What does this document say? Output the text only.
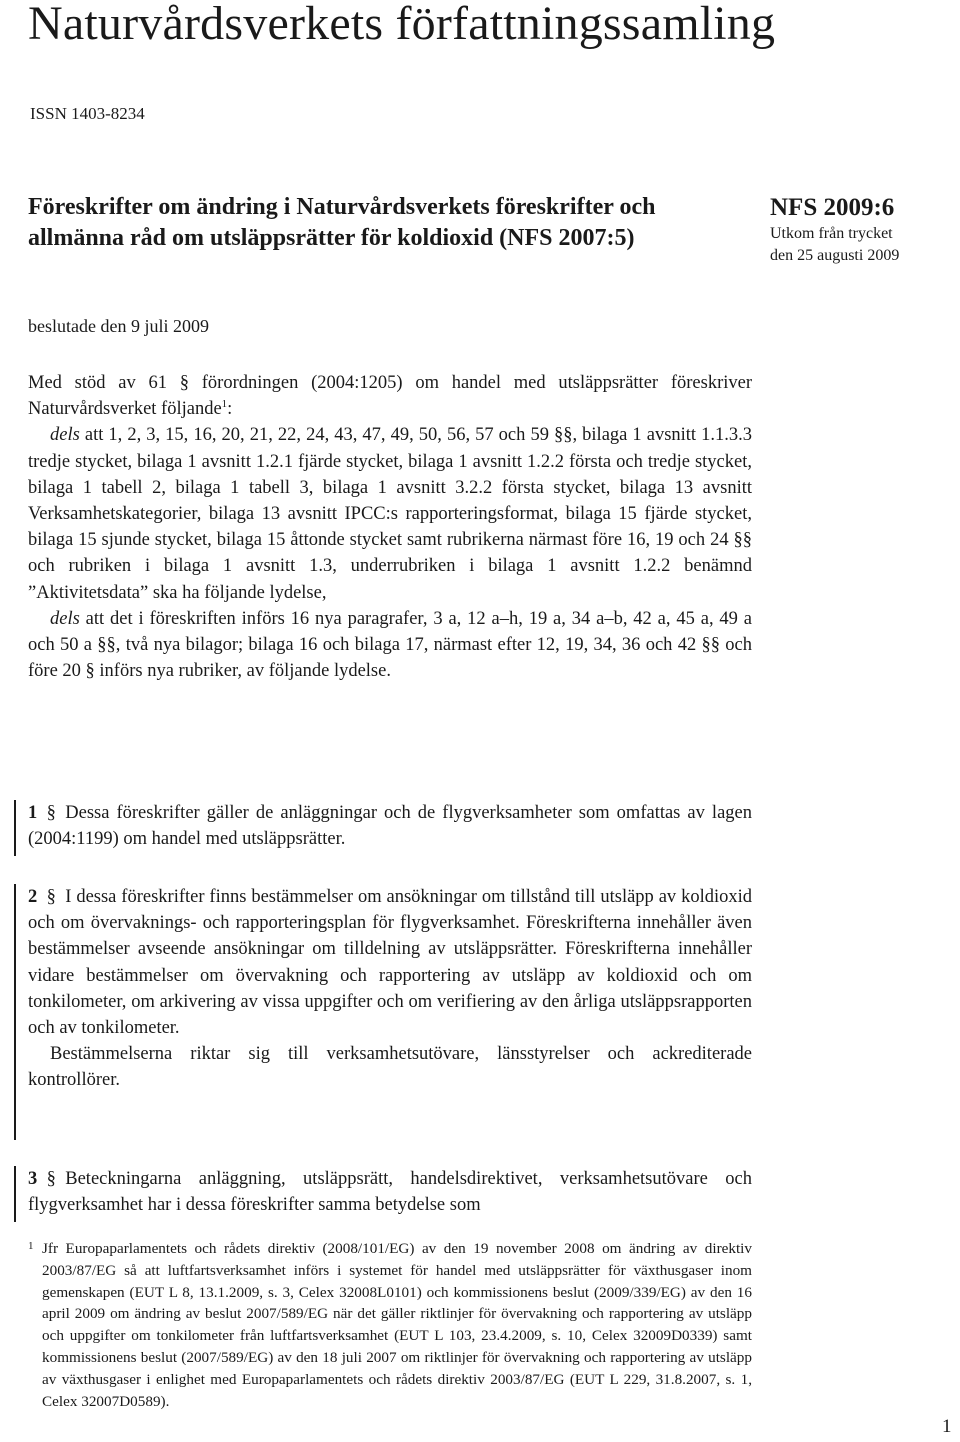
Naturvårdsverkets författningssamling
ISSN 1403-8234
Föreskrifter om ändring i Naturvårdsverkets föreskrifter och allmänna råd om utsläppsrätter för koldioxid (NFS 2007:5)
NFS 2009:6
Utkom från trycket
den 25 augusti 2009
beslutade den 9 juli 2009

Med stöd av 61 § förordningen (2004:1205) om handel med utsläppsrätter föreskriver Naturvårdsverket följande$^1$:

dels att 1, 2, 3, 15, 16, 20, 21, 22, 24, 43, 47, 49, 50, 56, 57 och 59 §§, bilaga 1 avsnitt 1.1.3.3 tredje stycket, bilaga 1 avsnitt 1.2.1 fjärde stycket, bilaga 1 avsnitt 1.2.2 första och tredje stycket, bilaga 1 tabell 2, bilaga 1 tabell 3, bilaga 1 avsnitt 3.2.2 första stycket, bilaga 13 avsnitt Verksamhetskategorier, bilaga 13 avsnitt IPCC:s rapporteringsformat, bilaga 15 fjärde stycket, bilaga 15 sjunde stycket, bilaga 15 åttonde stycket samt rubrikerna närmast före 16, 19 och 24 §§ och rubriken i bilaga 1 avsnitt 1.3, underrubriken i bilaga 1 avsnitt 1.2.2 benämnd ”Aktivitetsdata” ska ha följande lydelse,

dels att det i föreskriften införs 16 nya paragrafer, 3 a, 12 a–h, 19 a, 34 a–b, 42 a, 45 a, 49 a och 50 a §§, två nya bilagor; bilaga 16 och bilaga 17, närmast efter 12, 19, 34, 36 och 42 §§ och före 20 § införs nya rubriker, av följande lydelse.

1 § Dessa föreskrifter gäller de anläggningar och de flygverksamheter som omfattas av lagen (2004:1199) om handel med utsläppsrätter.

2 § I dessa föreskrifter finns bestämmelser om ansökningar om tillstånd till utsläpp av koldioxid och om övervaknings- och rapporteringsplan för flygverksamhet. Föreskrifterna innehåller även bestämmelser avseende ansökningar om tilldelning av utsläppsrätter. Föreskrifterna innehåller vidare bestämmelser om övervakning och rapportering av utsläpp av koldioxid och om tonkilometer, om arkivering av vissa uppgifter och om verifiering av den årliga utsläppsrapporten och av tonkilometer.

Bestämmelserna riktar sig till verksamhetsutövare, länsstyrelser och ackrediterade kontrollörer.

3 § Beteckningarna anläggning, utsläppsrätt, handelsdirektivet, verksamhetsutövare och flygverksamhet har i dessa föreskrifter samma betydelse som

1 Jfr Europaparlamentets och rådets direktiv (2008/101/EG) av den 19 november 2008 om ändring av direktiv 2003/87/EG så att luftfartsverksamhet införs i systemet för handel med utsläppsrätter för växthusgaser inom gemenskapen (EUT L 8, 13.1.2009, s. 3, Celex 32008L0101) och kommissionens beslut (2009/339/EG) av den 16 april 2009 om ändring av beslut 2007/589/EG när det gäller riktlinjer för övervakning och rapportering av utsläpp och uppgifter om tonkilometer från luftfartsverksamhet (EUT L 103, 23.4.2009, s. 10, Celex 32009D0339) samt kommissionens beslut (2007/589/EG) av den 18 juli 2007 om riktlinjer för övervakning och rapportering av utsläpp av växthusgaser i enlighet med Europaparlamentets och rådets direktiv 2003/87/EG (EUT L 229, 31.8.2007, s. 1, Celex 32007D0589).
1
